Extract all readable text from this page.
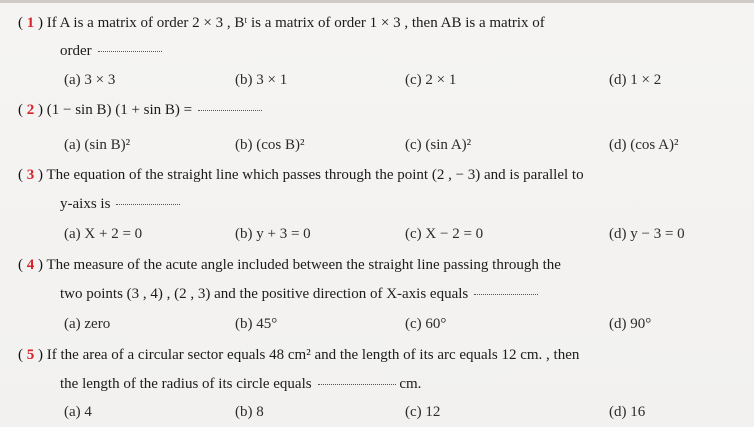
( 1 ) If A is a matrix of order 2 × 3 , Bᵗ is a matrix of order 1 × 3 , then AB is a matrix of
order
(a) 3 × 3	(b) 3 × 1	(c) 2 × 1	(d) 1 × 2
( 2 ) (1 − sin B) (1 + sin B) =
(a) (sin B)²	(b) (cos B)²	(c) (sin A)²	(d) (cos A)²
( 3 ) The equation of the straight line which passes through the point (2 , − 3) and is parallel to
y-aixs is
(a) X + 2 = 0	(b) y + 3 = 0	(c) X − 2 = 0	(d) y − 3 = 0
( 4 ) The measure of the acute angle included between the straight line passing through the
two points (3 , 4) , (2 , 3) and the positive direction of X-axis equals
(a) zero	(b) 45°	(c) 60°	(d) 90°
( 5 ) If the area of a circular sector equals 48 cm² and the length of its arc equals 12 cm. , then
the length of the radius of its circle equals	cm.
(a) 4	(b) 8	(c) 12	(d) 16
